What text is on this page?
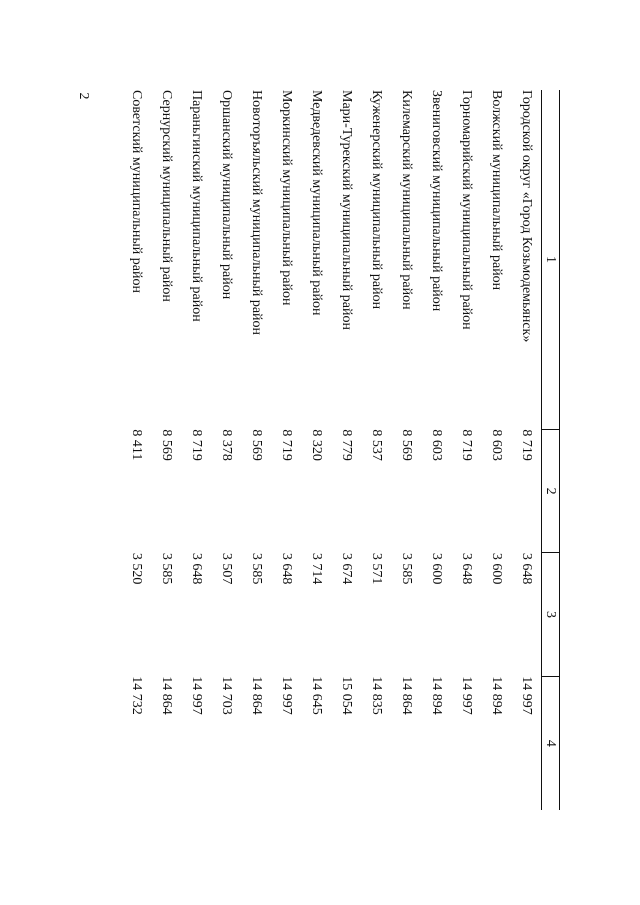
2
1	2	3	4
Городской округ «Город Козьмодемьянск»	8 719	3 648	14 997
Волжский муниципальный район	8 603	3 600	14 894
Горномарийский муниципальный район	8 719	3 648	14 997
Звениговский муниципальный район	8 603	3 600	14 894
Килемарский муниципальный район	8 569	3 585	14 864
Куженерский муниципальный район	8 537	3 571	14 835
Мари-Турекский муниципальный район	8 779	3 674	15 054
Медведевский муниципальный район	8 320	3 714	14 645
Моркинский муниципальный район	8 719	3 648	14 997
Новоторъяльский муниципальный район	8 569	3 585	14 864
Оршанский муниципальный район	8 378	3 507	14 703
Параньгинский муниципальный район	8 719	3 648	14 997
Сернурский муниципальный район	8 569	3 585	14 864
Советский муниципальный район	8 411	3 520	14 732
